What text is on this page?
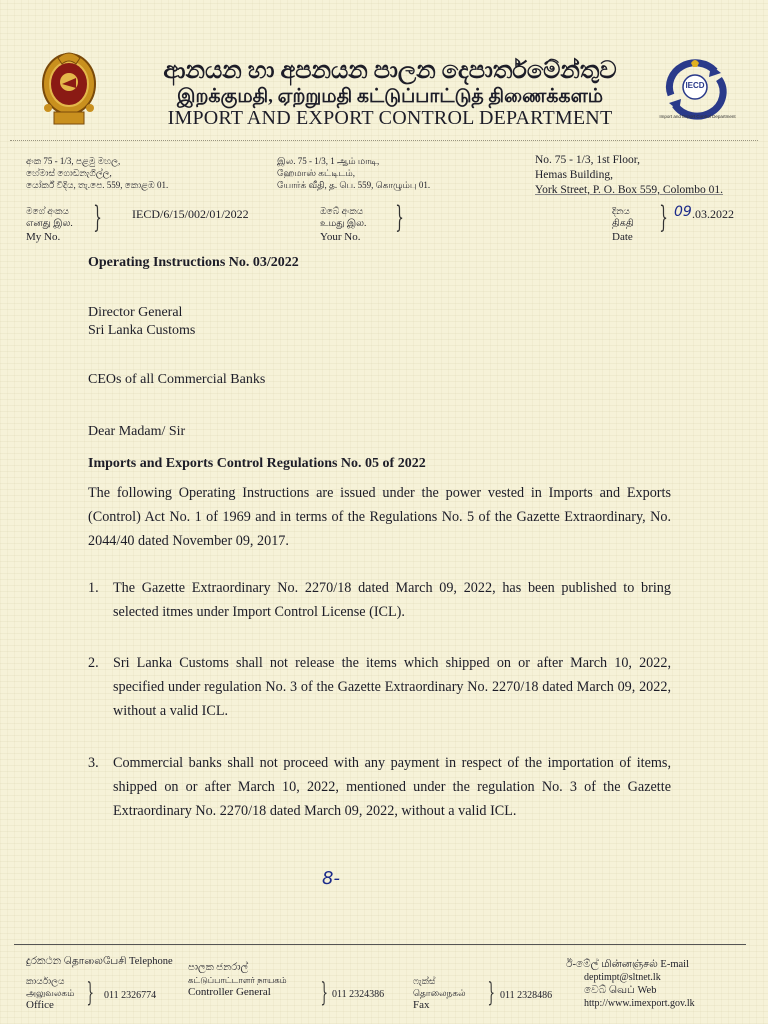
ආනයන හා අපනයන පාලන දෙපාර්තමේන්තුව
இறக்குமதி, ஏற்றுமதி கட்டுப்பாட்டுத் திணைக்களம்
IMPORT AND EXPORT CONTROL DEPARTMENT
IECD
Import and Export Control Department
අංක 75 - 1/3, පළමු මහල,
හේමාස් ගොඩනැගිල්ල,
යෝර්ක් වීදිය, තැ.පෙ. 559, කොළඹ 01.
இல. 75 - 1/3, 1 ஆம் மாடி,
ஹேமாஸ் கட்டிடம்,
யோர்க் வீதி, த. பெ. 559, கொழும்பு 01.
No. 75 - 1/3, 1st Floor,
Hemas Building,
York Street, P. O. Box 559, Colombo 01.
මගේ අංකය
எனது இல.
My No.
}	IECD/6/15/002/01/2022	ඔබේ අංකය
உமது இல.
Your No.
}	දිනය
திகதி
Date
} 09 .03.2022
Operating Instructions No. 03/2022
Director General
Sri Lanka Customs
CEOs of all Commercial Banks
Dear Madam/ Sir
Imports and Exports Control Regulations No. 05 of 2022
The following Operating Instructions are issued under the power vested in Imports and Exports (Control) Act No. 1 of 1969 and in terms of the Regulations No. 5 of the Gazette Extraordinary, No. 2044/40 dated November 09, 2017.
1. The Gazette Extraordinary No. 2270/18 dated March 09, 2022, has been published to bring selected itmes under Import Control License (ICL).
2. Sri Lanka Customs shall not release the items which shipped on or after March 10, 2022, specified under regulation No. 3 of the Gazette Extraordinary No. 2270/18 dated March 09, 2022, without a valid ICL.
3. Commercial banks shall not proceed with any payment in respect of the importation of items, shipped on or after March 10, 2022, mentioned under the regulation No. 3 of the Gazette Extraordinary No. 2270/18 dated March 09, 2022, without a valid ICL.
8-
දුරකථන தொலைபேசி Telephone
කාර්යාලය
அலுவலகம்
Office	} 011 2326774
පාලක ජනරාල්
கட்டுப்பாட்டாளர் நாயகம்
Controller General	} 011 2324386
ෆැක්ස්
தொலைநகல்
Fax	} 011 2328486
ඊ-මේල් மின்னஞ்சல் E-mail
deptimpt@sltnet.lk
වෙබ් வெப் Web
http://www.imexport.gov.lk
